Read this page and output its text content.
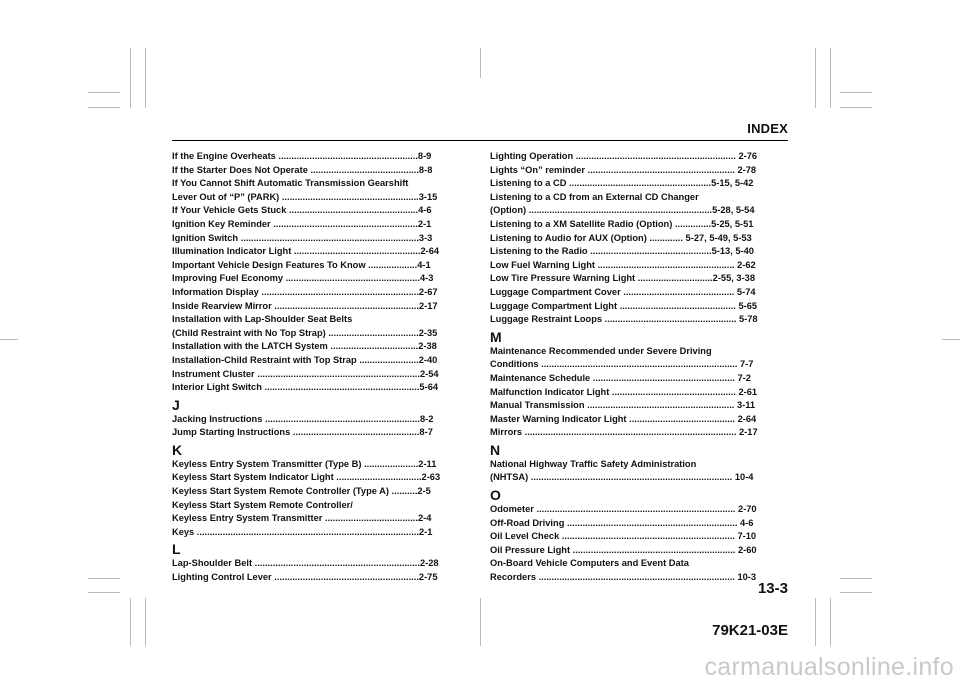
INDEX
If the Engine Overheats ......................................................8-9
If the Starter Does Not Operate ..........................................8-8
If You Cannot Shift Automatic Transmission Gearshift
Lever Out of “P” (PARK) .....................................................3-15
If Your Vehicle Gets Stuck ..................................................4-6
Ignition Key Reminder ........................................................2-1
Ignition Switch .....................................................................3-3
Illumination Indicator Light .................................................2-64
Important Vehicle Design Features To Know ...................4-1
Improving Fuel Economy ....................................................4-3
Information Display .............................................................2-67
Inside Rearview Mirror ........................................................2-17
Installation with Lap-Shoulder Seat Belts
(Child Restraint with No Top Strap) ...................................2-35
Installation with the LATCH System ..................................2-38
Installation-Child Restraint with Top Strap .......................2-40
Instrument Cluster ...............................................................2-54
Interior Light Switch ............................................................5-64
J
Jacking Instructions ............................................................8-2
Jump Starting Instructions .................................................8-7
K
Keyless Entry System Transmitter (Type B) .....................2-11
Keyless Start System Indicator Light .................................2-63
Keyless Start System Remote Controller (Type A) ..........2-5
Keyless Start System Remote Controller/
Keyless Entry System Transmitter ....................................2-4
Keys ......................................................................................2-1
L
Lap-Shoulder Belt ................................................................2-28
Lighting Control Lever ........................................................2-75
Lighting Operation .............................................................. 2-76
Lights “On” reminder ......................................................... 2-78
Listening to a CD .......................................................5-15, 5-42
Listening to a CD from an External CD Changer
(Option) .......................................................................5-28, 5-54
Listening to a XM Satellite Radio (Option) ..............5-25, 5-51
Listening to Audio for AUX (Option) ............. 5-27, 5-49, 5-53
Listening to the Radio ...............................................5-13, 5-40
Low Fuel Warning Light ..................................................... 2-62
Low Tire Pressure Warning Light .............................2-55, 3-38
Luggage Compartment Cover ........................................... 5-74
Luggage Compartment Light ............................................. 5-65
Luggage Restraint Loops ................................................... 5-78
M
Maintenance Recommended under Severe Driving
Conditions ............................................................................ 7-7
Maintenance Schedule ....................................................... 7-2
Malfunction Indicator Light ................................................ 2-61
Manual Transmission ......................................................... 3-11
Master Warning Indicator Light ......................................... 2-64
Mirrors .................................................................................. 2-17
N
National Highway Traffic Safety Administration
(NHTSA) .............................................................................. 10-4
O
Odometer ............................................................................. 2-70
Off-Road Driving .................................................................. 4-6
Oil Level Check ................................................................... 7-10
Oil Pressure Light ............................................................... 2-60
On-Board Vehicle Computers and Event Data
Recorders ............................................................................ 10-3
13-3
79K21-03E
carmanualsonline.info
